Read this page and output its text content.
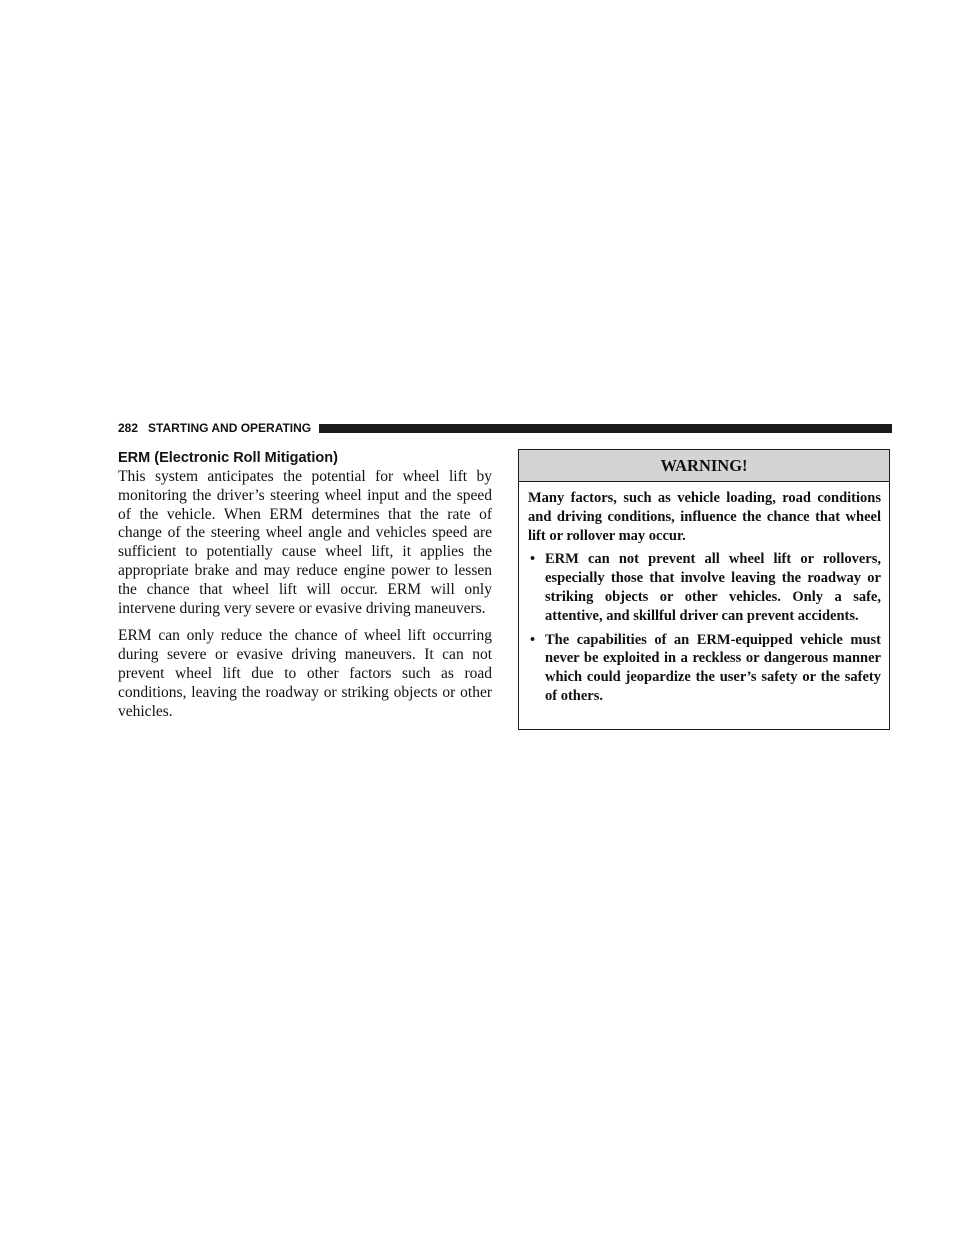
282 STARTING AND OPERATING
ERM (Electronic Roll Mitigation)

This system anticipates the potential for wheel lift by monitoring the driver’s steering wheel input and the speed of the vehicle. When ERM determines that the rate of change of the steering wheel angle and vehicles speed are sufficient to potentially cause wheel lift, it applies the appropriate brake and may reduce engine power to lessen the chance that wheel lift will occur. ERM will only intervene during very severe or evasive driving maneuvers.

ERM can only reduce the chance of wheel lift occurring during severe or evasive driving maneuvers. It can not prevent wheel lift due to other factors such as road conditions, leaving the roadway or striking objects or other vehicles.

WARNING!

Many factors, such as vehicle loading, road conditions and driving conditions, influence the chance that wheel lift or rollover may occur.

• ERM can not prevent all wheel lift or rollovers, especially those that involve leaving the roadway or striking objects or other vehicles. Only a safe, attentive, and skillful driver can prevent accidents.
• The capabilities of an ERM-equipped vehicle must never be exploited in a reckless or dangerous manner which could jeopardize the user’s safety or the safety of others.
